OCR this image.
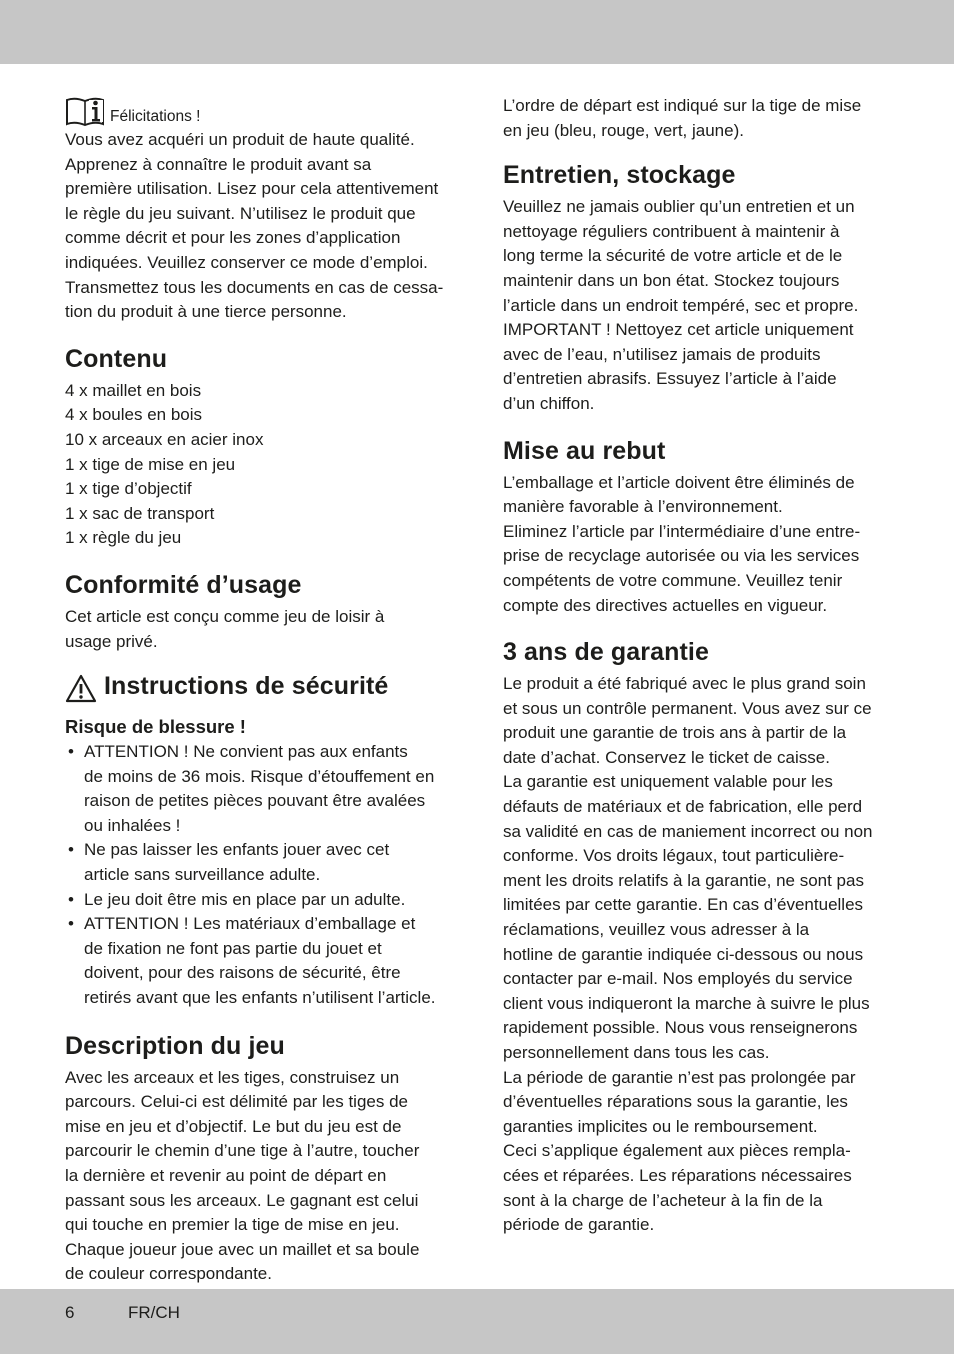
Félicitations !

Vous avez acquéri un produit de haute qualité.

Apprenez à connaître le produit avant sa

première utilisation. Lisez pour cela attentivement

le règle du jeu suivant. N’utilisez le produit que

comme décrit et pour les zones d’application

indiquées. Veuillez conserver ce mode d’emploi.

Transmettez tous les documents en cas de cessa-

tion du produit à une tierce personne.

Contenu
4 x maillet en bois
4 x boules en bois
10 x arceaux en acier inox
1 x tige de mise en jeu
1 x tige d’objectif
1 x sac de transport
1 x règle du jeu
Conformité d’usage

Cet article est conçu comme jeu de loisir à

usage privé.

Instructions de sécurité
Risque de blessure !
• ATTENTION ! Ne convient pas aux enfants
de moins de 36 mois. Risque d’étouffement en
raison de petites pièces pouvant être avalées
ou inhalées !
• Ne pas laisser les enfants jouer avec cet
article sans surveillance adulte.
• Le jeu doit être mis en place par un adulte.
• ATTENTION ! Les matériaux d’emballage et
de fixation ne font pas partie du jouet et
doivent, pour des raisons de sécurité, être
retirés avant que les enfants n’utilisent l’article.
Description du jeu

Avec les arceaux et les tiges, construisez un

parcours. Celui-ci est délimité par les tiges de

mise en jeu et d’objectif. Le but du jeu est de

parcourir le chemin d’une tige à l’autre, toucher

la dernière et revenir au point de départ en

passant sous les arceaux. Le gagnant est celui

qui touche en premier la tige de mise en jeu.

Chaque joueur joue avec un maillet et sa boule

de couleur correspondante.

L’ordre de départ est indiqué sur la tige de mise

en jeu (bleu, rouge, vert, jaune).

Entretien, stockage

Veuillez ne jamais oublier qu’un entretien et un

nettoyage réguliers contribuent à maintenir à

long terme la sécurité de votre article et de le

maintenir dans un bon état. Stockez toujours

l’article dans un endroit tempéré, sec et propre.

IMPORTANT ! Nettoyez cet article uniquement

avec de l’eau, n’utilisez jamais de produits

d’entretien abrasifs. Essuyez l’article à l’aide

d’un chiffon.

Mise au rebut

L’emballage et l’article doivent être éliminés de

manière favorable à l’environnement.

Eliminez l’article par l’intermédiaire d’une entre-

prise de recyclage autorisée ou via les services

compétents de votre commune. Veuillez tenir

compte des directives actuelles en vigueur.

3 ans de garantie

Le produit a été fabriqué avec le plus grand soin

et sous un contrôle permanent. Vous avez sur ce

produit une garantie de trois ans à partir de la

date d’achat. Conservez le ticket de caisse.

La garantie est uniquement valable pour les

défauts de matériaux et de fabrication, elle perd

sa validité en cas de maniement incorrect ou non

conforme. Vos droits légaux, tout particulière-

ment les droits relatifs à la garantie, ne sont pas

limitées par cette garantie. En cas d’éventuelles

réclamations, veuillez vous adresser à la

hotline de garantie indiquée ci-dessous ou nous

contacter par e-mail. Nos employés du service

client vous indiqueront la marche à suivre le plus

rapidement possible. Nous vous renseignerons

personnellement dans tous les cas.

La période de garantie n’est pas prolongée par

d’éventuelles réparations sous la garantie, les

garanties implicites ou le remboursement.

Ceci s’applique également aux pièces rempla-

cées et réparées. Les réparations nécessaires

sont à la charge de l’acheteur à la fin de la

période de garantie.

6	FR/CH
